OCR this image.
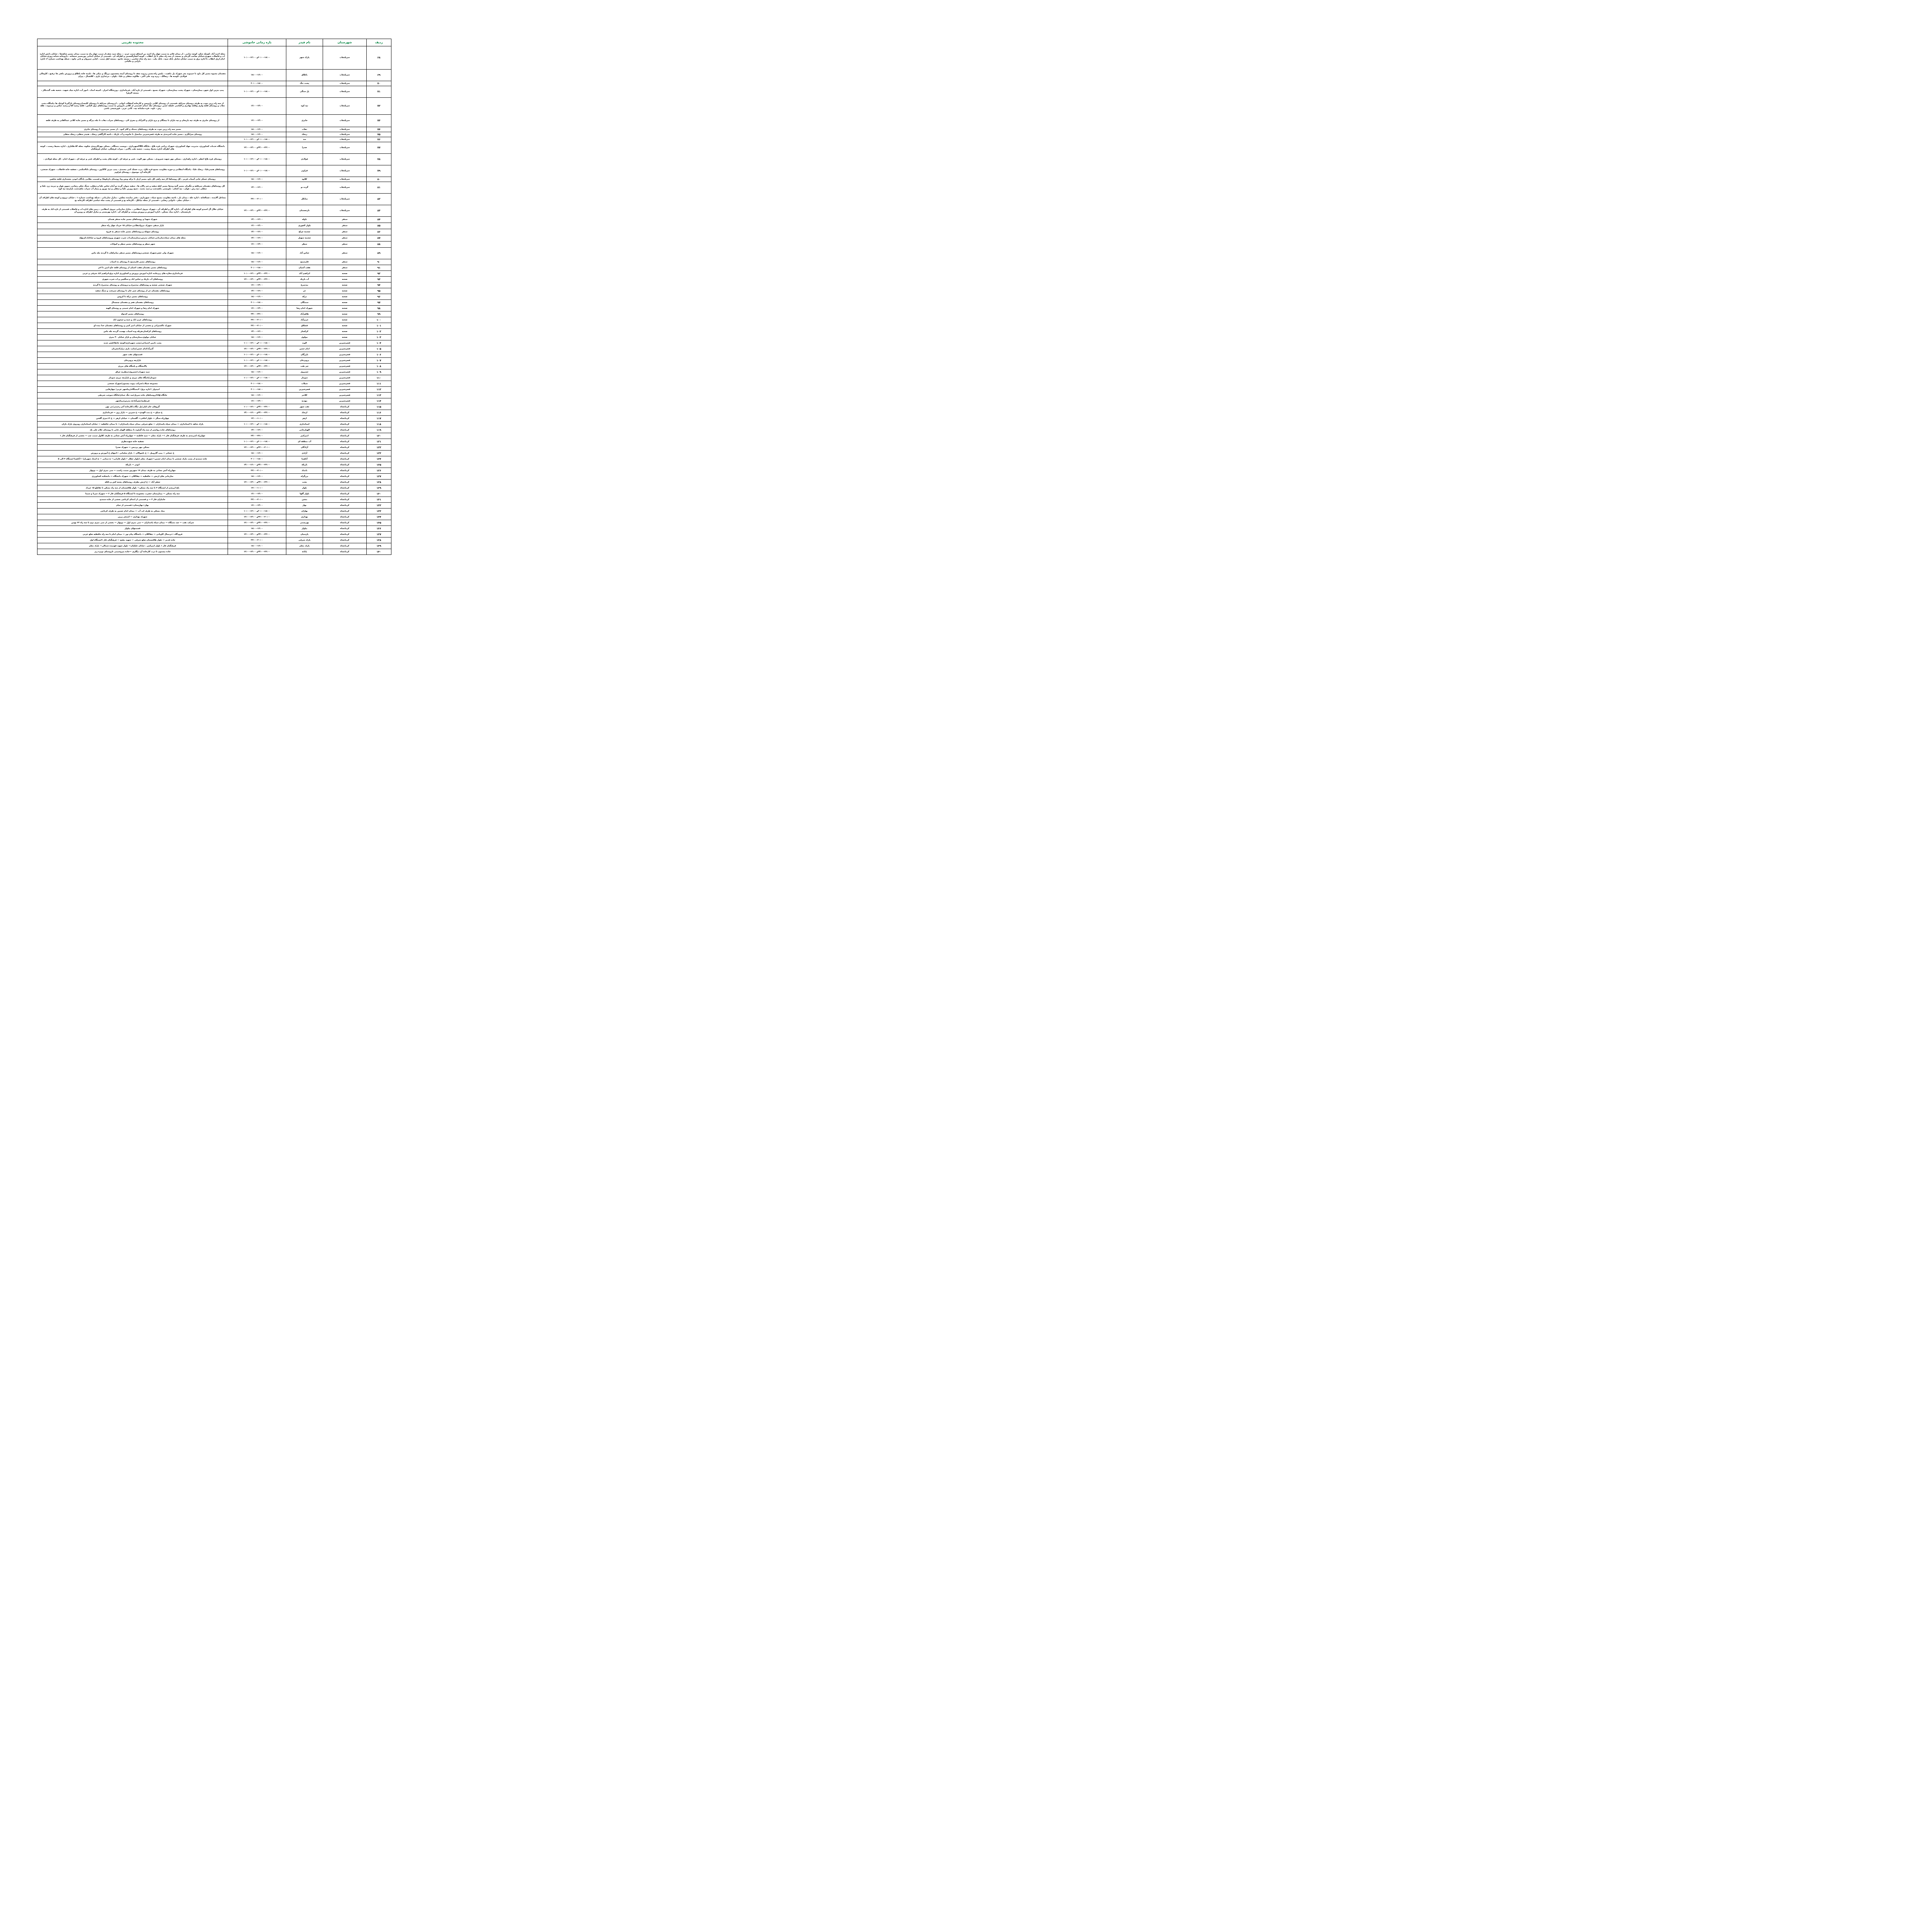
ردیف	شهرستان	نام فیدر	بازه زمانی خاموشی	محدوده تقریبی
۶۸	سرپلذهاب	پارک شهر	۲۰:۰۰-۱۸:۰۰و ۱۲:۰۰-۱۰:۰۰	محله احمد آباد ،کوئیک شکر، کوچه تمامی ، از میدان قائم به سمت چهار راه احمد بن اسحاق سمت حرم ، ، محله سید نجف،از سمت چهار راه به سمت میدان مسیر شاهدها ، خیابان دانش اداره اب و فاضلاب شهری،خیابان صاحب الزمان و مسجد، از سه راه معلم تا پل انقلاب ، کوچه انصارالحسین و اطراف ان ، قسمتی از خیابان ایمانی پورمسیر جمخانه ، داروخانه شبانه روزی،خیابان امام ازپل انقلاب تا اداره برق به سمت خیابان شامل بانک سپه ، بانک ملت ، سه راه شاه عباسی ، مسجد جامع ، مسجد اهل سنت ، کبابی سیروان و بانی چاوه ، شبکه بهداشت شماره ۲، اداره دارایی و مالیاتی
۶۹	سرپلذهاب	پاطاق	۱۸:۰۰-۱۶:۰۰	دهستان بشیوه مسیر کل داود تا حبیبوند بجز شهرک پل ماهیت ، پلیس راه،مسیر ریژوند نجف تا روستای آبینه پنجستون برزلگ و میکی ها ، تلمبه خانه پاطاق و پرورش ماهی ها ،رفیع ، کاوچالی فولادی ،کوسه ها ، رضالک ، ریزه وند علی اکبر ، جلالوند سفلی و علیا ، بلوان ، مرغداری باری ، کلاهمال ، پیران
۷۰	سرپلذهاب	پشت تنگ	۲۰:۰۰-۱۸:۰۰	
۷۱	سرپلذهاب	پل سنگی	۲۰:۰۰-۱۸:۰۰و ۱۲:۰۰-۱۰:۰۰	پمپ بنزین اول شهر، بیمارستان ، شهرک پشت بیمارستان ، شهرک بسیج ، قسمتی از تازه آباد ، فرمانداری ، ورزشگاه احرار ، کمیته امداد ، امور آب، اداره بنیاد شهید ، شعبه نفت گندمکار ، مسجد الزهرا
۷۲	سرپلذهاب	تپه کوه	۱۶:۰۰-۱۴:۰۰	از سه راه زرین جوب به طرف روستای سرابله ،قسمتی از روستای کلانی داروپس و کارخانه آسفالت ایوانی ، ازروستای سرابله تا روستای کلینه،ازروستای بازگیرتا کوئیک ها ،پاسگاه دشت ذهاب و روستای قلعه واری وقلعه بهادری و الیاسی خلیفه حسن ،روستای تنگ حمام، قسمتی از کلانی داروپس به سمت روستاهای دول الیاس ، قلعه رشید آقا و رشید عباس و بریموند ، طله رش ، ناوه ، قره سلمانه تپه ، کانی عزیز ، قورشیحی باشی
۷۳	سرپلذهاب	جابری	۱۶:۰۰-۱۴:۰۰	از روستای جابری به طرف تپه داریخان و تپه ماران تا بیشگان و برج باران و اکبرآباد و مجری لان ، روستاهای سراب ذهاب تا مله دیزگه و مسیر جاده کلانی عبدالقادر به طرف قلعه
۷۴	سرپلذهاب	ذهاب	۱۸:۰۰-۱۶:۰۰	مسیر سه راه زرین جوب به طرف روستاهای دستک و کلم کبود ، از مسیر میرمیرو تا روستای جابری
۷۵	سرپلذهاب	ریخک	۱۸:۰۰-۱۶:۰۰	روستای سرابگرم ، مسیر جاده کمربندی به طرف قصرشیرین میانجیل تا خانونه و آب باریک ، ناحیه کارگاهی ریخک ، هنیدر سفلی، ریخک سفلی
۷۶	سرپلذهاب	سد	۲۰:۰۰-۱۸:۰۰و ۱۲:۰۰-۱۰:۰۰	
۷۷	سرپلذهاب	صدرا	۲۴:۰۰-۲۲:۰۰و ۱۴:۰۰-۱۲:۰۰	دانشگاه خدمات کشاورزی، مدیریت جهاد کشاورزی، شهرک زراعی قره بلاغ ، جایگاه CNGشهرداری ، دوبست دستگاه ، مسکن مهرکارمندی شکوه، محله ۵۴ هکتاری ، اداره محیط زیست ، کوچه های اطراف اداره محیط زیست ، شعبه نفت پالانی ، میراث فرهنگی، خیابان فرهنگیان
۷۸	سرپلذهاب	فولادی	۲۰:۰۰-۱۸:۰۰و ۱۲:۰۰-۱۰:۰۰	روستای قره بلاغ اعظم ، اداره راهداری ، مسکن مهر شهید شیرودی ، مسکن مهر الوند ، فنی و حرفه ای ، کوچه های پشت و اطراف فنی و حرفه ای ، شهرک امام ، کل محله فولادی ،
۷۹	سرپلذهاب	قراویز	۲۰:۰۰-۱۸:۰۰و ۱۲:۰۰-۱۰:۰۰	روستاهای هنیدرعلیا ، ریخک علیا ، پاسگاه انتظامی و حوزه مقاومت بسیج قره بلاغ ، درت خشک کنی محمدی ، پمپ بنزین کاکاپور ، روستای بابااسکندر ، تصفیه خانه فاضلاب ، شهرک صنعتی، کارخانه آرد موسوی ، روستای قراویز
۸۰	سرپلذهاب	کلاوه	۱۸:۰۰-۱۶:۰۰	روستای عسکر خانی آسیاب قرمز ، کل روستاها (از سه راهی کل داود مسیر ازنل تا ترکه ویس وتا روستای داربلوط) و قسمت نظامی پادگان ابوذر، بخشداری قلعه شاهین
۸۱	سرپلذهاب	گرده نو	۱۴:۰۰-۱۲:۰۰	کل روستاهای دهستان سرقلعه و جگیران مسیر گمه وندها مسیر کیله سفید و چم زالان ها ، سفید سوار، گرده نو آمام عباس علیا و سفلی، سنگ شکن رضایی، سوور هوار و دیریند زرد علیا و سفلی ،تپه رش ، هوان ، تپه کنعان ، باوییسی ماهیدشت و سید محمد ، شیخ روزبن علیا و سفلی و تپه نوروز و پمپاژ آب سراب ماهیدشت بازارچه تپه کوه
۸۲	سرپلذهاب	میانکل	۲۲:۰۰-۲۰:۰۰	مشاغل آلاینده ، غسالخانه ، اداره غله ، میدان بار ، ناحیه مقاومت بسیج سپاه ، شهرداری ، دفتر نماینده مجلس ، منازل سازمانی ، شبکه بهداشت شماره ۱ ، خیابان ترویج و کوچه های اطراف آن ، خیابان معلم ، نانوایی رضایی ، قسمتی از محله میانکل ، کارخانه یخ و قسمتی از پشت شاه عباسی اطراف کارخانه یخ
۸۳	سرپلذهاب	نارنجستان	۲۴:۰۰-۲۲:۰۰و ۱۴:۰۰-۱۲:۰۰	خیابان جلال آل احمدو کوچه های اطراف آن ، اداره گاز و اطراف آن ، شهرک نیروی انتظامی ، منازل سازمانی نیروی انتظامی ، زمین های اداره اب و فاضلاب قسمتی از تازه اباد به طرف نارنجستان ، اداره بنیاد مسکن ، اداره آموزش و پرورش وپشت و اطراف آن ، اداره بهزیستی و منازل اطراف و روبرو آن
۸۴	سنقر	باوله	۱۴:۰۰-۱۲:۰۰	شهرک شهدا و روستاهای مسیر جاده سنقر همدان
۸۵	سنقر	بلوار لاهوری	۱۶:۰۰-۱۴:۰۰	بازار سنقر، شهرک نیروانتظامی،خیابان ۱۵ خرداد چهار راه سطر
۸۶	سنقر	چشمه چراغ	۱۴:۰۰-۱۲:۰۰	روستای سهنله و روستاهای مسیر جاده سنقر به قروه
۸۷	سنقر	چشمه سهیل	۱۴:۰۰-۱۲:۰۰	محله های میدان سپاه،سازمانی،خیابان مدرس،بیمارستان،اب شرب شهری وروستاهای قروه و غیاثاباد،کرتهله
۸۸	سنقر	سطر	۱۶:۰۰-۱۴:۰۰	شهر سطر و روستاهای مسیر سطر و کیوانات
۸۹	سنقر	عباس آباد	۱۸:۰۰-۱۶:۰۰	شهرک ولی عصر،شهرک صنعتی،روستاهای مسیر سنقر میانراهان تا گردنه مله ماس
۹۰	سنقر	فارسینج	۱۸:۰۰-۱۶:۰۰	روستاهای مسیر فارسینج تا روستای ده اسیاب
۹۱	سنقر	هفت آشیان	۲۰:۰۰-۱۸:۰۰	روستاهای مسیر دهستان هفت اشیان از روستای قلعه حاج امین تا اخر
۹۲	صحنه	ابراهیم آباد	۲۴:۰۰-۲۲:۰۰و ۱۲:۰۰-۱۰:۰۰	فرمانداری،مغازه های زیرجاده، اداره اموزش پرورش و کشاورزی اداره برق،ابراهیم اباد شرقی و غربی
۹۳	صحنه	آب باریک	۲۴:۰۰-۲۲:۰۰و ۱۴:۰۰-۱۲:۰۰	روستاهای آب باریک و عباس اباد و سنگچین و اب شرب شهری
۹۴	صحنه	بیدسرخ	۱۶:۰۰-۱۴:۰۰	شهرک صنعتی صحنه و روستاهای بیدسرخ و درویشان و روستای بیدسرخ تا گردنه
۹۵	صحنه	حر	۱۴:۰۰-۱۲:۰۰	روستاهای دهستان حر از روستای شیر خان تا روستای سرتخت و سنگ سفید
۹۶	صحنه	درکه	۱۸:۰۰-۱۶:۰۰	روستاهای مسیر درکه تا کروس
۹۷	صحنه	سمنگان	۲۰:۰۰-۱۸:۰۰	روستاهای دهستان هجر و دهستان چمچمال
۹۸	صحنه	شهرک امام رضا	۱۶:۰۰-۱۴:۰۰	شهرک امام رضا و شهرک امام خمینی و روستای الهیه
۹۹	صحنه	طاهرآباد	۲۴:۰۰-۲۲:۰۰	روستاهای مسیر کندوله
۱۰۰	صحنه	عزیزآباد	۲۲:۰۰-۲۰:۰۰	روستاهای عزیز اباد و جمه و جیحون اباد
۱۰۱	صحنه	قشلاق	۲۲:۰۰-۲۰:۰۰	شهرک تاکسیرانی و بخشی از خیابان امیر کبیر و روستاهای دهستان خدا بنده لو
۱۰۲	صحنه	کرکسار	۱۴:۰۰-۱۲:۰۰	روستاهای کرکسار،هریله وده اسیاب بهست گردنه مله ماس
۱۰۳	صحنه	مولوی	۱۸:۰۰-۱۶:۰۰	خیابان مولوی،بیمارستان و بازار خیابان ۴۰ متری
۱۰۴	قصرشیرین	الوند	۲۰:۰۰-۱۸:۰۰و ۱۲:۰۰-۱۰:۰۰	پشت تامین اجتماعی/پشت شهرداری/کوچه خانقا/قصر جدید
۱۰۵	قصرشیرین	امام حسن	۲۴:۰۰-۲۲:۰۰و ۱۴:۰۰-۱۲:۰۰	گمرگ/امام حسن/سایت بازی دراز/انتجربان
۱۰۶	قصرشیرین	بازرگان	۲۰:۰۰-۱۸:۰۰و ۱۲:۰۰-۱۰:۰۰	قسمتهای نفت شهر
۱۰۷	قصرشیرین	پرویزخان	۲۰:۰۰-۱۸:۰۰و ۱۲:۰۰-۱۰:۰۰	بازارچه پرویزخان
۱۰۸	قصرشیرین	چم نفت	۲۴:۰۰-۲۲:۰۰و ۱۴:۰۰-۱۲:۰۰	پالایشگاه و پاسگاه های مرزی
۱۰۹	قصرشیرین	خسروی	۱۸:۰۰-۱۶:۰۰	سید سهراب/خسروی/منطربه عراق
۱۱۰	قصرشیرین	سومار	۲۰:۰۰-۱۸:۰۰و ۱۲:۰۰-۱۰:۰۰	سومار/پاسگاه های مرزی و بازارچه مرزی سومار
۱۱۱	قصرشیرین	شیلات	۲۰:۰۰-۱۸:۰۰	مجموعه شیلات/شرکت پیوند بیستون/شهرک صنعتی
۱۱۲	قصرشیرین	قصرشیرین	۲۰:۰۰-۱۸:۰۰	امیدوار / اداره برق/۴۰دستگاه/زیباشهر غربی/ چهارقاپی
۱۱۳	قصرشیرین	کلانتر	۱۸:۰۰-۱۶:۰۰	جایگاه cng/روستاهای جاده سرپل/سد تنگ حمام/جایگاه سوخت شریفی
۱۱۴	قصرشیرین	مهدیه	۱۶:۰۰-۱۴:۰۰	فرنطینه/نصرآباد/خ مدرس/زیباشهر
۱۱۵	کرمانشاه	نفت شهر	۲۴:۰۰-۲۲:۰۰و ۱۲:۰۰-۱۰:۰۰	گروهان خان لیلی/پل تنگاب/کارخانه آجر رحیمی/نی بهن
۱۱۶	کرمانشاه	ارشاد	۲۴:۰۰-۲۲:۰۰و ۱۶:۰۰-۱۴:۰۰	خ سیلو — خ بنت الهدی— خ شیرین — بازار روز — فرمانداری
۱۱۷	کرمانشاه	ازهر	۱۲:۰۰-۱۰:۰۰	چهارراه سنگر — بلوار اجاقی— گلستان — خیابان ازهر — خ ۱۶متری گلشن
۱۱۸	کرمانشاه	استانداری	۲۰:۰۰-۱۸:۰۰و ۱۲:۰۰-۱۰:۰۰	پارک شاهد تا استانداری — میدان سپاه پاسداران — ضلع شرقی میدان سپاه پاسداران— تا میدان حافظیه — خیابان استانداری روبروی پارک باران
۱۱۹	کرمانشاه	الهیارخانی	۱۴:۰۰-۱۲:۰۰	روستاهای جاده روانسر از سه راه گراوند تا منطقه الهیار خانی تا روستای غلام علی بک
۱۲۰	کرمانشاه	امیرکبیر	۲۴:۰۰-۲۲:۰۰	چهارراه کمربندی به طرف فرهنگیان فاز ۱— پارک معلم — سید فاطمه — چهارراه آتش نشانی به طرف کلاول سمت چپ — بخشی از فرهنگیان فاز ۱
۱۲۱	کرمانشاه	آب منطقه ای	۲۰:۰۰-۱۸:۰۰و ۱۲:۰۰-۱۰:۰۰	تصفیه خانه شهیدنظری
۱۲۲	کرمانشاه	آزادگان	۲۲:۰۰-۲۰:۰۰و ۱۴:۰۰-۱۲:۰۰	مسکن مهر پردیس — شهرک صدرا
۱۲۳	کرمانشاه	آزادی	۱۸:۰۰-۱۶:۰۰	خ عشایر — پمپ گازوییل — خ ناصوالان — بازار سلمانی —انتهای خ آموزش و پرورش
۱۲۴	کرمانشاه	آتاهینا	۲۰:۰۰-۱۸:۰۰	جاده سنندج از پست پارک صنعتی تا میدان امام حسین—شهرک معلم (بلوار عطار —بلوار فارابی— خ سنایی — خ استاد شهریار) —آناهیتا ایستگاه ۳ الی ۵
۱۲۵	کرمانشاه	باریکه	۲۴:۰۰-۲۲:۰۰و ۱۶:۰۰-۱۴:۰۰	ابوذر — باریکه
۱۲۶	کرمانشاه	بامداد	۲۲:۰۰-۲۰:۰۰	چهارراه آتش نشانی به طرف میدان ۱۷ شهریور سمت راست — سی متری اول — نوبهار
۱۲۷	کرمانشاه	بزرگراه	۱۸:۰۰-۱۶:۰۰	سازمانی های ارتش — حافظیه — چقاکلان — شهرک دانشگاه — دانشکده کشاورزی
۱۲۸	کرمانشاه	بعثت	۲۴:۰۰-۲۲:۰۰و ۱۴:۰۰-۱۲:۰۰	جعفر آباد — خ ارتش بطرف روستاهای پشته کش و باقله
۱۲۹	کرمانشاه	بلوار	۱۲:۰۰-۱۰:۰۰	باغ ابریشم از ایستگاه ۳ تا سه راه مسکن— بلوار طاقبستان از سه راه مسکن تا تقاطع ۱۵ خرداد
۱۳۰	کرمانشاه	بلوار گلها	۱۶:۰۰-۱۴:۰۰	سه راه مسکن — بیمارستان حضرت معصومه تا ایستگاه ۵ فرهنگیان فاز ۲ — شهرک سرنا و سیما
۱۳۱	کرمانشاه	بنشن	۲۲:۰۰-۲۰:۰۰	جابیاران فاز ۳ — و قسمتی از ابتدای کرناچی بخشی از جاده سنندج
۱۳۲	کرمانشاه	بهار	۱۶:۰۰-۱۴:۰۰	بهار—بهارستان—قسمتی از خیام
۱۳۳	کرمانشاه	بهاران	۲۰:۰۰-۱۸:۰۰و ۱۲:۰۰-۱۰:۰۰	بنیاد مسکن به طرف لب آب — میدان امام حسین به طرف کرناچی
۱۳۴	کرمانشاه	بهداری	۲۲:۰۰-۲۰:۰۰و ۱۴:۰۰-۱۲:۰۰	شهرک بهداری — استخر زرین
۱۳۵	کرمانشاه	بهزیستی	۲۴:۰۰-۲۲:۰۰و ۱۴:۰۰-۱۲:۰۰	شرکت نفت — صد دستگاه — میدان سپاه پاسداران — سی متری اول — نوبهار — بخشی از سی متری دوم تا سه راه ۲۲ بهمن
۱۳۶	کرمانشاه	بیلوار	۱۸:۰۰-۱۶:۰۰	قسمتهای بیلوار
۱۳۷	کرمانشاه	پارسیان	۲۴:۰۰-۲۲:۰۰و ۱۴:۰۰-۱۲:۰۰	فرودگاه —ترمینال کاویانی — چقاکلان — دانشگاه پیام نور — میدان امام تا سه راه حافظیه ضلع غربی
۱۳۸	کرمانشاه	پارک شرقی	۲۲:۰۰-۲۰:۰۰	جاده قدیم — بلوار طاقبستان ضلع شرقی — شهید مفتح — فرهنگیان فاز ۱ایستگاه اول
۱۳۹	کرمانشاه	پارک معلم	۱۸:۰۰-۱۶:۰۰	فرهنگیان فاز ۱ بلوار امیرکبیر ، خیابان جلیلیان— بلوار شهید فهمیده شمالی— پارک معلم
۱۴۰	کرمانشاه	پایانه	۲۴:۰۰-۲۲:۰۰و ۱۴:۰۰-۱۲:۰۰	جاده بیستون تا درب کارخانه آرد بیگلری —جاده پتروشیمی تاروستای نوبره ریز
